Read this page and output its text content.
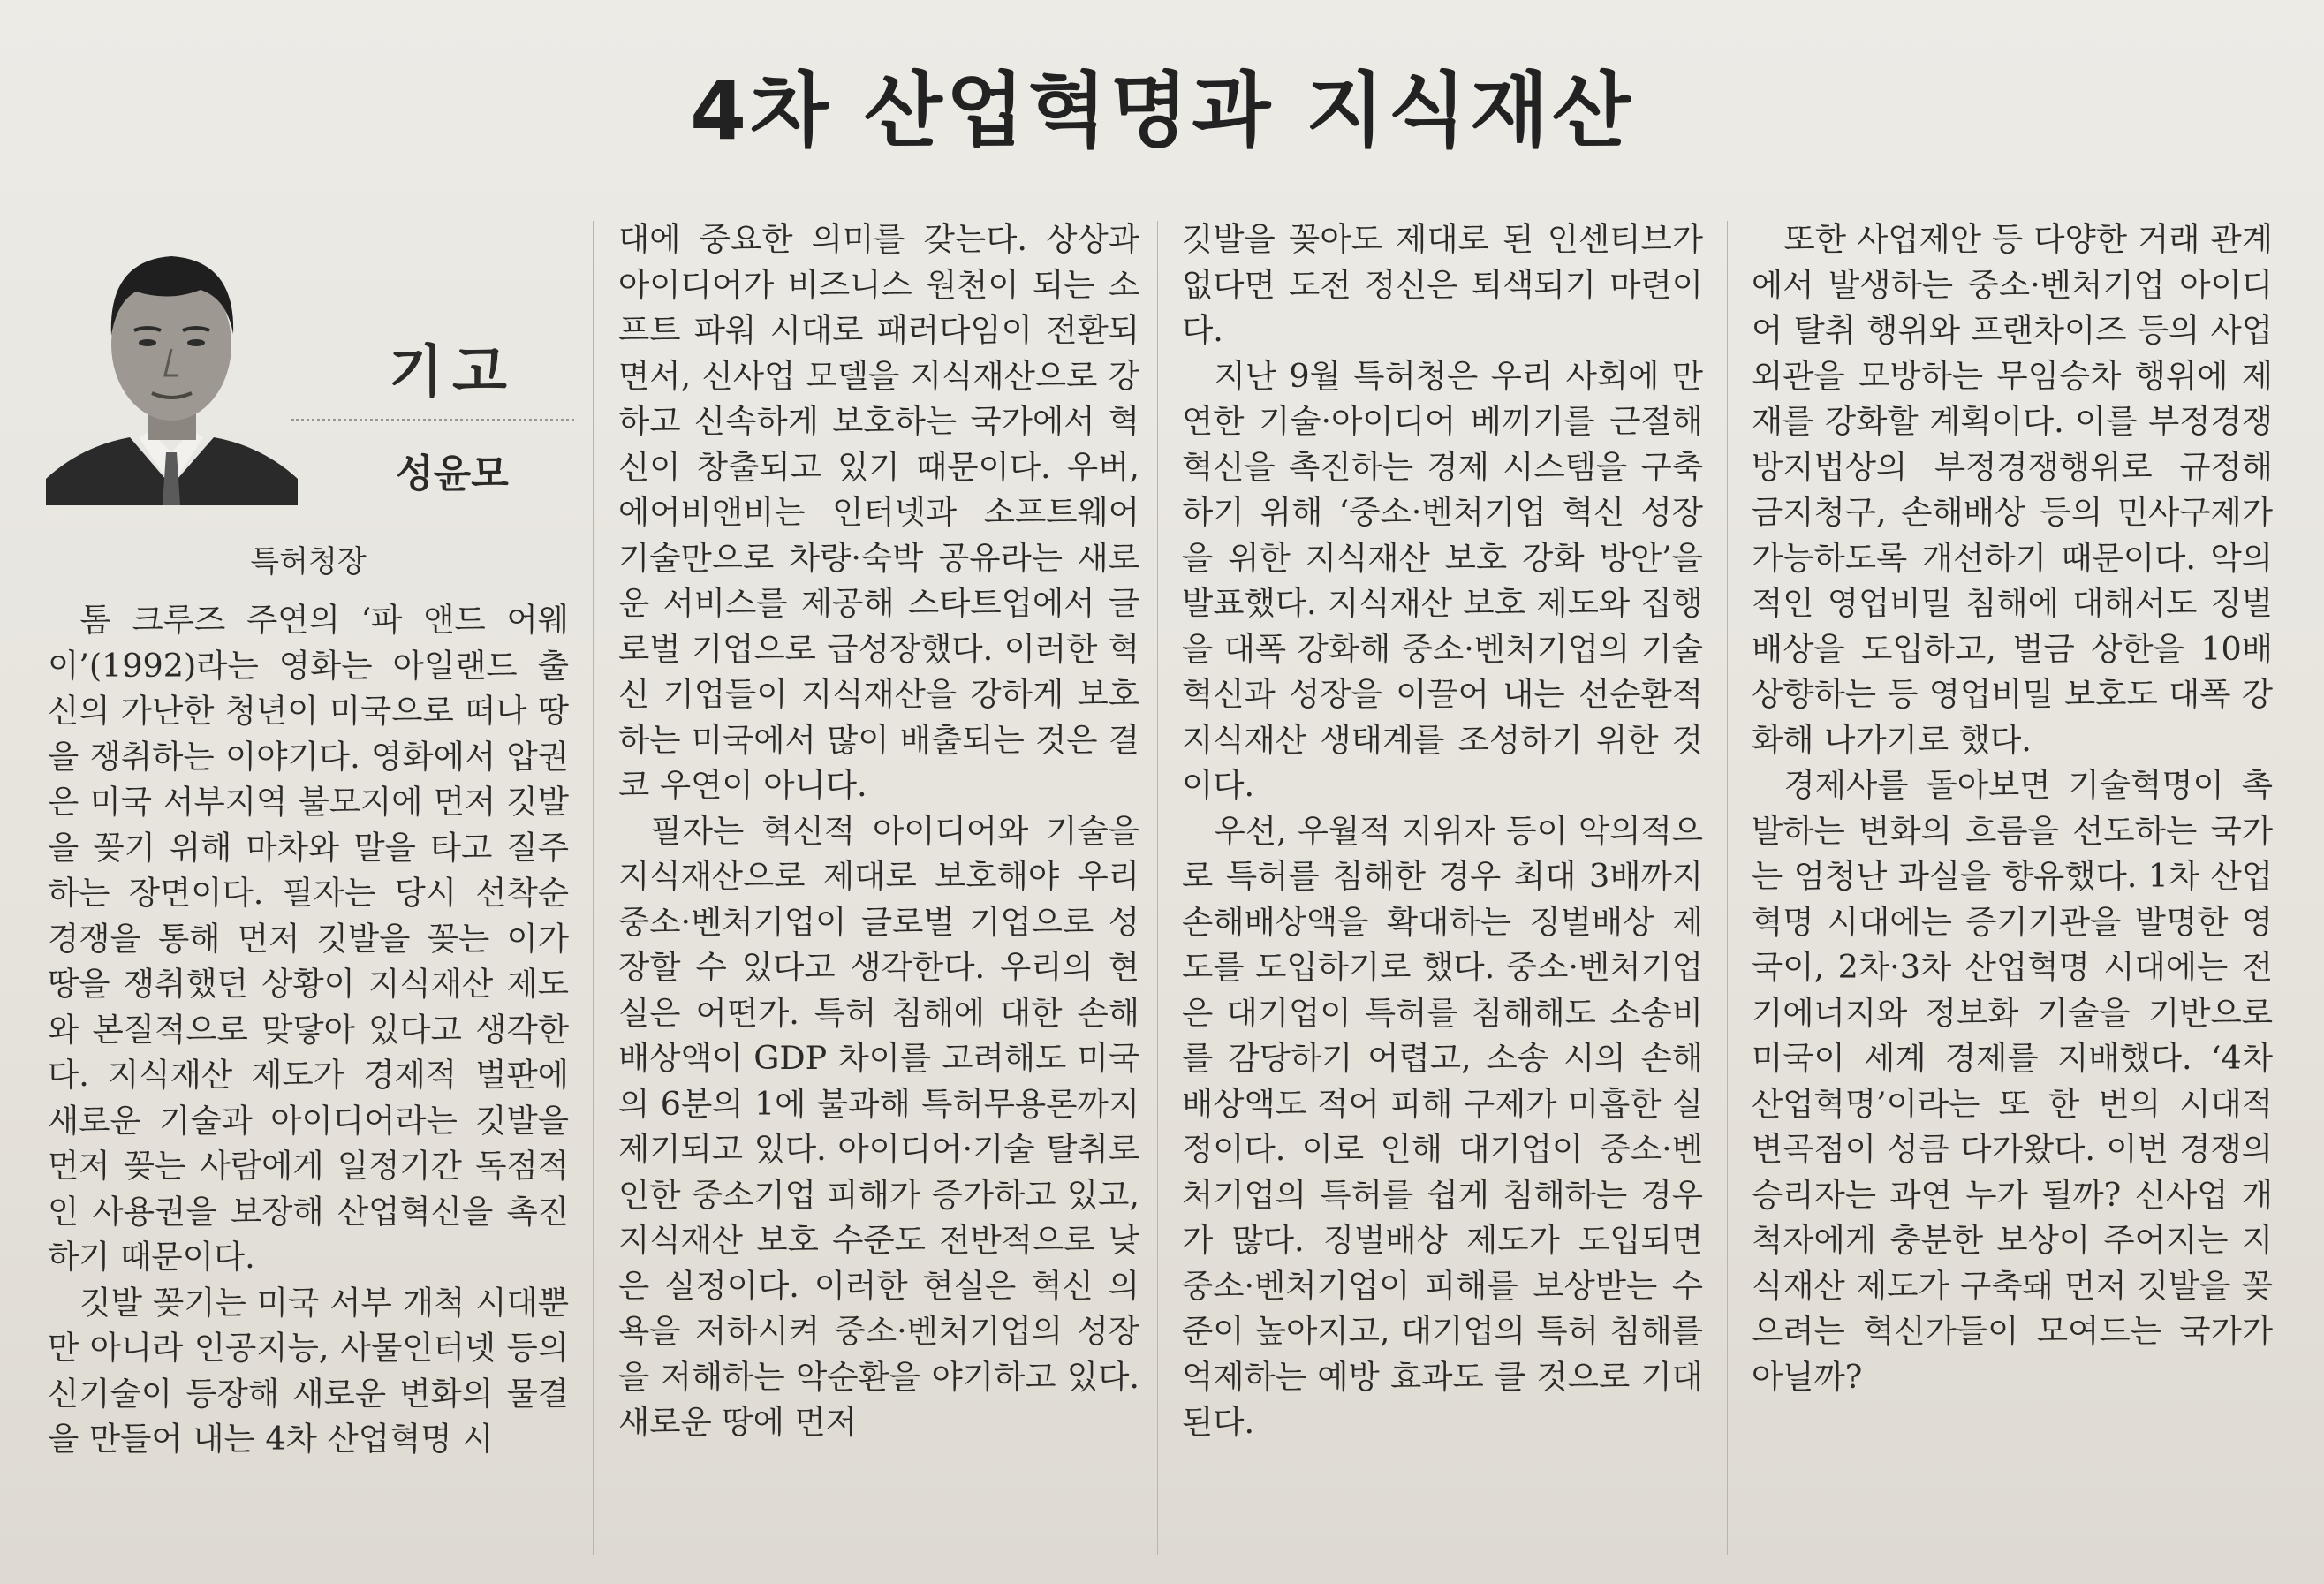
4차 산업혁명과 지식재산
기고
성윤모
특허청장

톰 크루즈 주연의 ‘파 앤드 어웨이’(1992)라는 영화는 아일랜드 출신의 가난한 청년이 미국으로 떠나 땅을 쟁취하는 이야기다. 영화에서 압권은 미국 서부지역 불모지에 먼저 깃발을 꽂기 위해 마차와 말을 타고 질주하는 장면이다. 필자는 당시 선착순 경쟁을 통해 먼저 깃발을 꽂는 이가 땅을 쟁취했던 상황이 지식재산 제도와 본질적으로 맞닿아 있다고 생각한다. 지식재산 제도가 경제적 벌판에 새로운 기술과 아이디어라는 깃발을 먼저 꽂는 사람에게 일정기간 독점적인 사용권을 보장해 산업혁신을 촉진하기 때문이다.

깃발 꽂기는 미국 서부 개척 시대뿐만 아니라 인공지능, 사물인터넷 등의 신기술이 등장해 새로운 변화의 물결을 만들어 내는 4차 산업혁명 시

대에 중요한 의미를 갖는다. 상상과 아이디어가 비즈니스 원천이 되는 소프트 파워 시대로 패러다임이 전환되면서, 신사업 모델을 지식재산으로 강하고 신속하게 보호하는 국가에서 혁신이 창출되고 있기 때문이다. 우버, 에어비앤비는 인터넷과 소프트웨어 기술만으로 차량·숙박 공유라는 새로운 서비스를 제공해 스타트업에서 글로벌 기업으로 급성장했다. 이러한 혁신 기업들이 지식재산을 강하게 보호하는 미국에서 많이 배출되는 것은 결코 우연이 아니다.

필자는 혁신적 아이디어와 기술을 지식재산으로 제대로 보호해야 우리 중소·벤처기업이 글로벌 기업으로 성장할 수 있다고 생각한다. 우리의 현실은 어떤가. 특허 침해에 대한 손해배상액이 GDP 차이를 고려해도 미국의 6분의 1에 불과해 특허무용론까지 제기되고 있다. 아이디어·기술 탈취로 인한 중소기업 피해가 증가하고 있고, 지식재산 보호 수준도 전반적으로 낮은 실정이다. 이러한 현실은 혁신 의욕을 저하시켜 중소·벤처기업의 성장을 저해하는 악순환을 야기하고 있다. 새로운 땅에 먼저

깃발을 꽂아도 제대로 된 인센티브가 없다면 도전 정신은 퇴색되기 마련이다.

지난 9월 특허청은 우리 사회에 만연한 기술·아이디어 베끼기를 근절해 혁신을 촉진하는 경제 시스템을 구축하기 위해 ‘중소·벤처기업 혁신 성장을 위한 지식재산 보호 강화 방안’을 발표했다. 지식재산 보호 제도와 집행을 대폭 강화해 중소·벤처기업의 기술혁신과 성장을 이끌어 내는 선순환적 지식재산 생태계를 조성하기 위한 것이다.

우선, 우월적 지위자 등이 악의적으로 특허를 침해한 경우 최대 3배까지 손해배상액을 확대하는 징벌배상 제도를 도입하기로 했다. 중소·벤처기업은 대기업이 특허를 침해해도 소송비를 감당하기 어렵고, 소송 시의 손해배상액도 적어 피해 구제가 미흡한 실정이다. 이로 인해 대기업이 중소·벤처기업의 특허를 쉽게 침해하는 경우가 많다. 징벌배상 제도가 도입되면 중소·벤처기업이 피해를 보상받는 수준이 높아지고, 대기업의 특허 침해를 억제하는 예방 효과도 클 것으로 기대된다.

또한 사업제안 등 다양한 거래 관계에서 발생하는 중소·벤처기업 아이디어 탈취 행위와 프랜차이즈 등의 사업 외관을 모방하는 무임승차 행위에 제재를 강화할 계획이다. 이를 부정경쟁방지법상의 부정경쟁행위로 규정해 금지청구, 손해배상 등의 민사구제가 가능하도록 개선하기 때문이다. 악의적인 영업비밀 침해에 대해서도 징벌배상을 도입하고, 벌금 상한을 10배 상향하는 등 영업비밀 보호도 대폭 강화해 나가기로 했다.

경제사를 돌아보면 기술혁명이 촉발하는 변화의 흐름을 선도하는 국가는 엄청난 과실을 향유했다. 1차 산업혁명 시대에는 증기기관을 발명한 영국이, 2차·3차 산업혁명 시대에는 전기에너지와 정보화 기술을 기반으로 미국이 세계 경제를 지배했다. ‘4차 산업혁명’이라는 또 한 번의 시대적 변곡점이 성큼 다가왔다. 이번 경쟁의 승리자는 과연 누가 될까? 신사업 개척자에게 충분한 보상이 주어지는 지식재산 제도가 구축돼 먼저 깃발을 꽂으려는 혁신가들이 모여드는 국가가 아닐까?
